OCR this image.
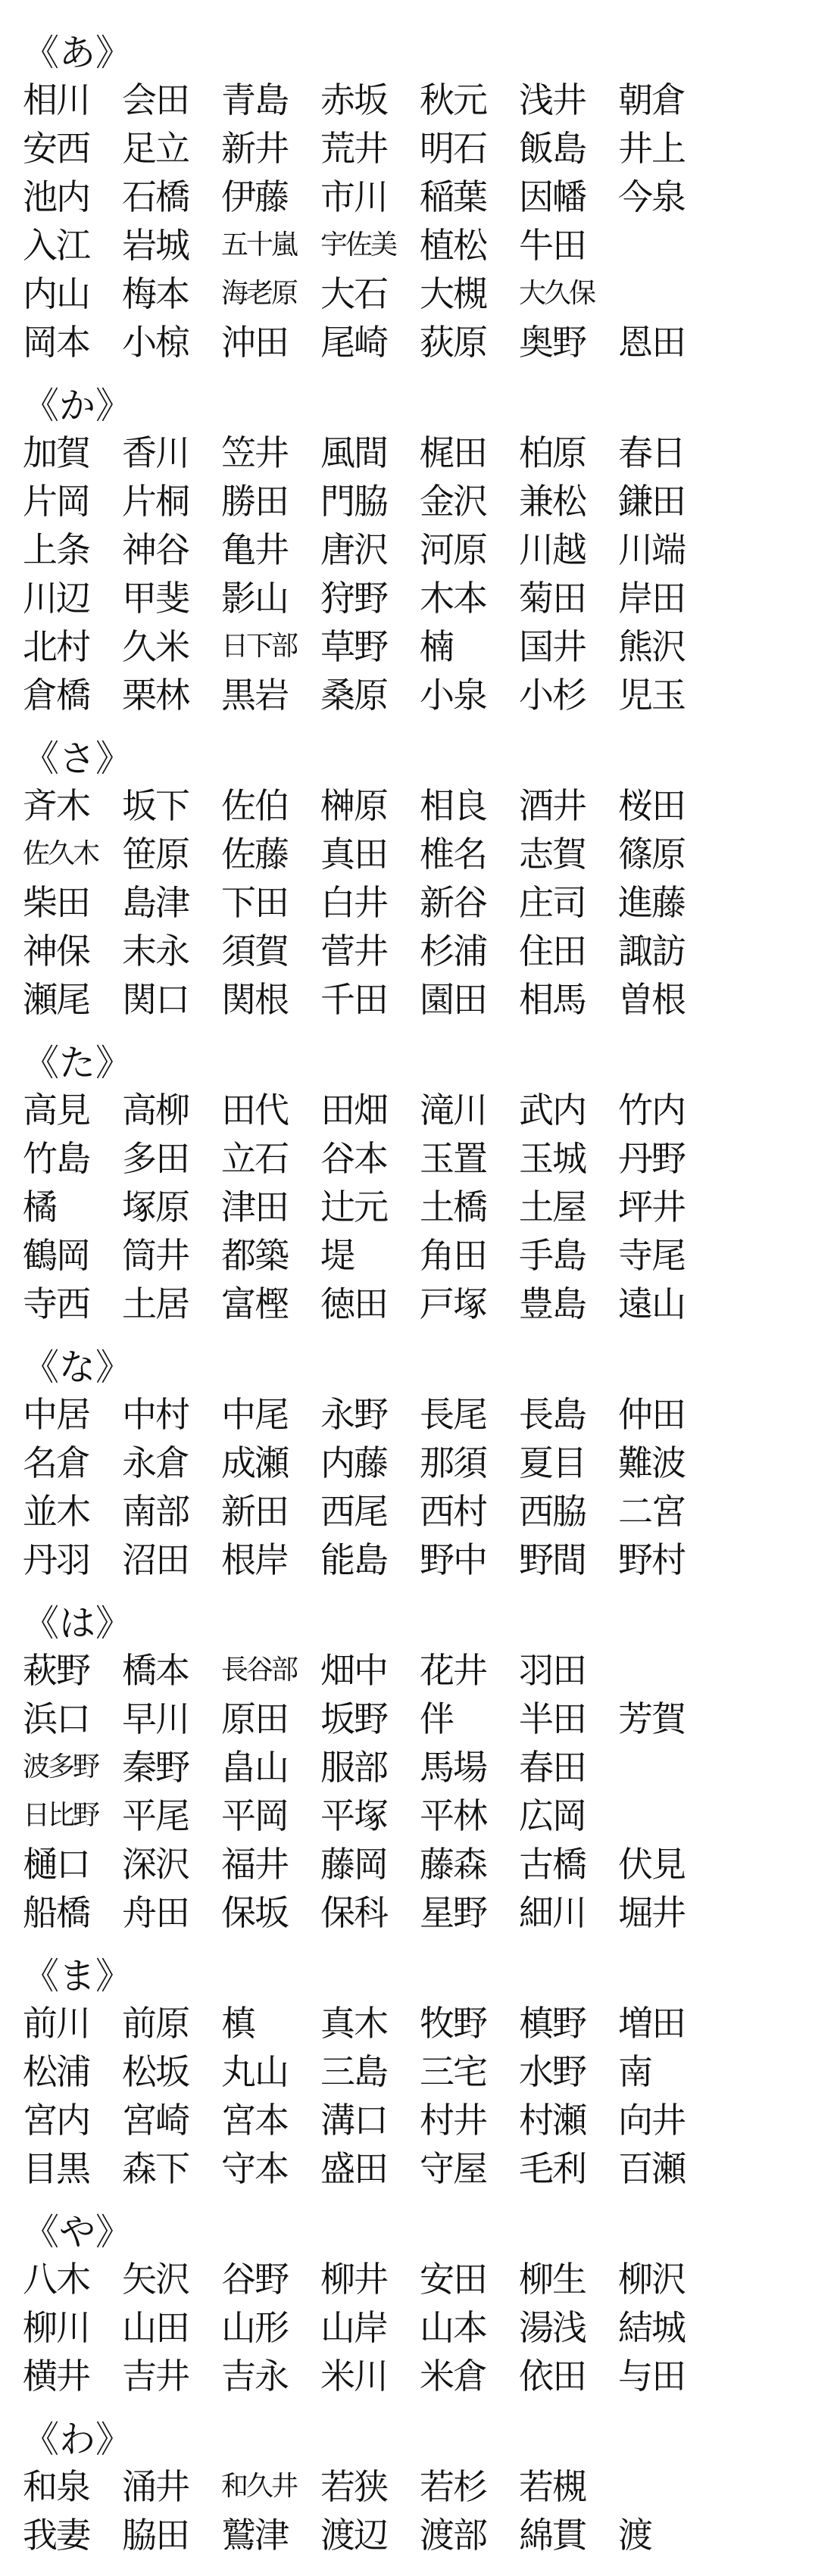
《あ》
相川 会田 青島 赤坂 秋元 浅井 朝倉
安西 足立 新井 荒井 明石 飯島 井上
池内 石橋 伊藤 市川 稲葉 因幡 今泉
入江 岩城	五十嵐 宇佐美 植松 牛田
内山 梅本	海老原 大石 大槻	大久保
岡本 小椋 沖田 尾崎 荻原 奥野 恩田
《か》
加賀 香川 笠井 風間 梶田 柏原 春日
片岡 片桐 勝田 門脇 金沢 兼松 鎌田
上条 神谷 亀井 唐沢 河原 川越 川端
川辺 甲斐 影山 狩野 木本 菊田 岸田
北村 久米	日下部 草野 楠	国井 熊沢
倉橋 栗林 黒岩 桑原 小泉 小杉 児玉
《さ》
斉木 坂下 佐伯 榊原 相良 酒井 桜田
佐久木 笹原 佐藤 真田 椎名 志賀 篠原
柴田 島津 下田 白井 新谷 庄司 進藤
神保 末永 須賀 菅井 杉浦 住田 諏訪
瀬尾 関口 関根 千田 園田 相馬 曽根
《た》
高見 高柳 田代 田畑 滝川 武内 竹内
竹島 多田 立石 谷本 玉置 玉城 丹野
橘	塚原 津田 辻元 土橋 土屋 坪井
鶴岡 筒井 都築 堤	角田 手島 寺尾
寺西 土居 富樫 徳田 戸塚 豊島 遠山
《な》
中居 中村 中尾 永野 長尾 長島 仲田
名倉 永倉 成瀬 内藤 那須 夏目 難波
並木 南部 新田 西尾 西村 西脇 二宮
丹羽 沼田 根岸 能島 野中 野間 野村
《は》
萩野 橋本	長谷部 畑中 花井 羽田
浜口 早川 原田 坂野 伴	半田 芳賀
波多野 秦野 畠山 服部 馬場 春田
日比野 平尾 平岡 平塚 平林 広岡
樋口 深沢 福井 藤岡 藤森 古橋 伏見
船橋 舟田 保坂 保科 星野 細川 堀井
《ま》
前川 前原 槙	真木 牧野 槙野 増田
松浦 松坂 丸山 三島 三宅 水野 南
宮内 宮崎 宮本 溝口 村井 村瀬 向井
目黒 森下 守本 盛田 守屋 毛利 百瀬
《や》
八木 矢沢 谷野 柳井 安田 柳生 柳沢
柳川 山田 山形 山岸 山本 湯浅 結城
横井 吉井 吉永 米川 米倉 依田 与田
《わ》
和泉 涌井	和久井 若狭 若杉 若槻
我妻 脇田 鷲津 渡辺 渡部 綿貫 渡
